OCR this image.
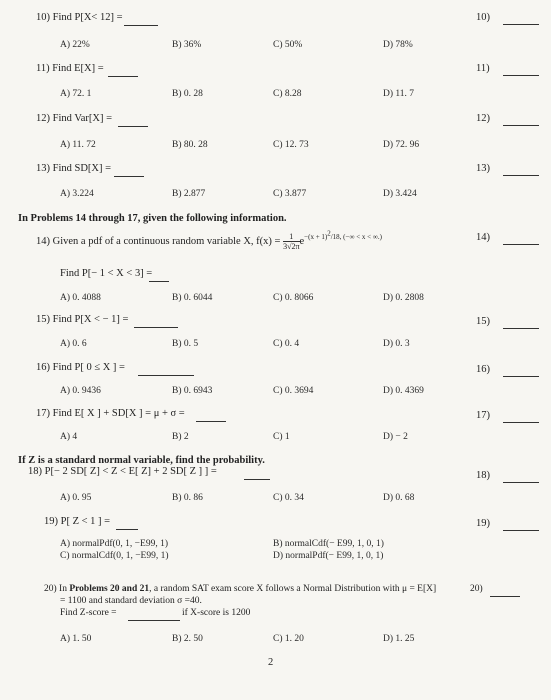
10) Find P[X< 12] =	10)
A) 22%	B) 36%	C) 50%	D) 78%
11) Find E[X] =	11)
A) 72. 1	B) 0. 28	C) 8.28	D) 11. 7
12) Find Var[X] =	12)
A) 11. 72	B) 80. 28	C) 12. 73	D) 72. 96
13) Find SD[X] =	13)
A) 3.224	B) 2.877	C) 3.877	D) 3.424
In Problems 14 through 17, given the following information.
14) Given a pdf of a continuous random variable X, $f(x) = \frac{1}{3√2\pi} e^{-(x + 1)^2/18, (-\infty < x < \infty.)}$	14)
Find P[− 1 < X < 3] =
A) 0. 4088	B) 0. 6044	C) 0. 8066	D) 0. 2808
15) Find P[X < − 1] =	15)
A) 0. 6	B) 0. 5	C) 0. 4	D) 0. 3
16) Find P[ 0 ≤ X ] =	16)
A) 0. 9436	B) 0. 6943	C) 0. 3694	D) 0. 4369
17) Find E[ X ] + SD[X ] = μ + σ =	17)
A) 4	B) 2	C) 1	D) − 2
If Z is a standard normal variable, find the probability.
18) P[− 2 SD[ Z] < Z < E[ Z] + 2 SD[ Z ] ] =	18)
A) 0. 95	B) 0. 86	C) 0. 34	D) 0. 68
19) P[ Z < 1 ] =	19)
A) normalPdf(0, 1, −E99, 1)	B) normalCdf(− E99, 1, 0, 1)
C) normalCdf(0, 1, −E99, 1)	D) normalPdf(− E99, 1, 0, 1)
20) In Problems 20 and 21, a random SAT exam score X follows a Normal Distribution with μ = E[X]	20)
= 1100 and standard deviation σ =40.
Find Z-score =	if X-score is 1200
A) 1. 50	B) 2. 50	C) 1. 20	D) 1. 25
2
